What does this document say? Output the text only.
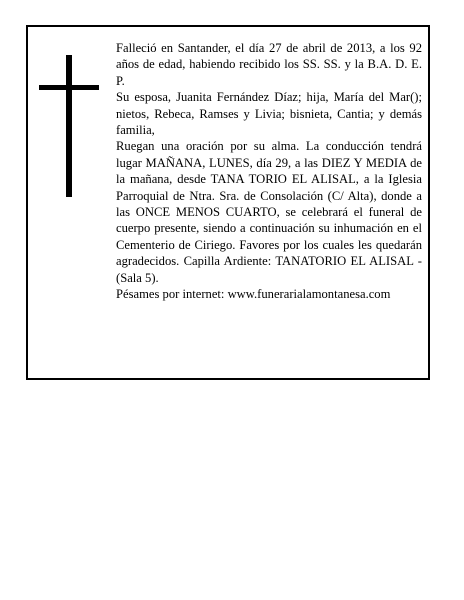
Falleció en Santander, el día 27 de abril de 2013, a los 92 años de edad, habiendo recibido los SS. SS. y la B.A. D. E. P.

Su esposa, Juanita Fernández Díaz; hija, María del Mar(); nietos, Rebeca, Ramses y Livia; bisnieta, Cantia; y demás familia,

Ruegan una oración por su alma. La conducción tendrá lugar MAÑANA, LUNES, día 29, a las DIEZ Y MEDIA de la mañana, desde TANA TORIO EL ALISAL, a la Iglesia Parroquial de Ntra. Sra. de Consolación (C/ Alta), donde a las ONCE MENOS CUARTO, se celebrará el funeral de cuerpo presente, siendo a continuación su inhumación en el Cementerio de Ciriego. Favores por los cuales les quedarán agradecidos. Capilla Ardiente: TANATORIO EL ALISAL - (Sala 5).

Pésames por internet: www.funerarialamontanesa.com
